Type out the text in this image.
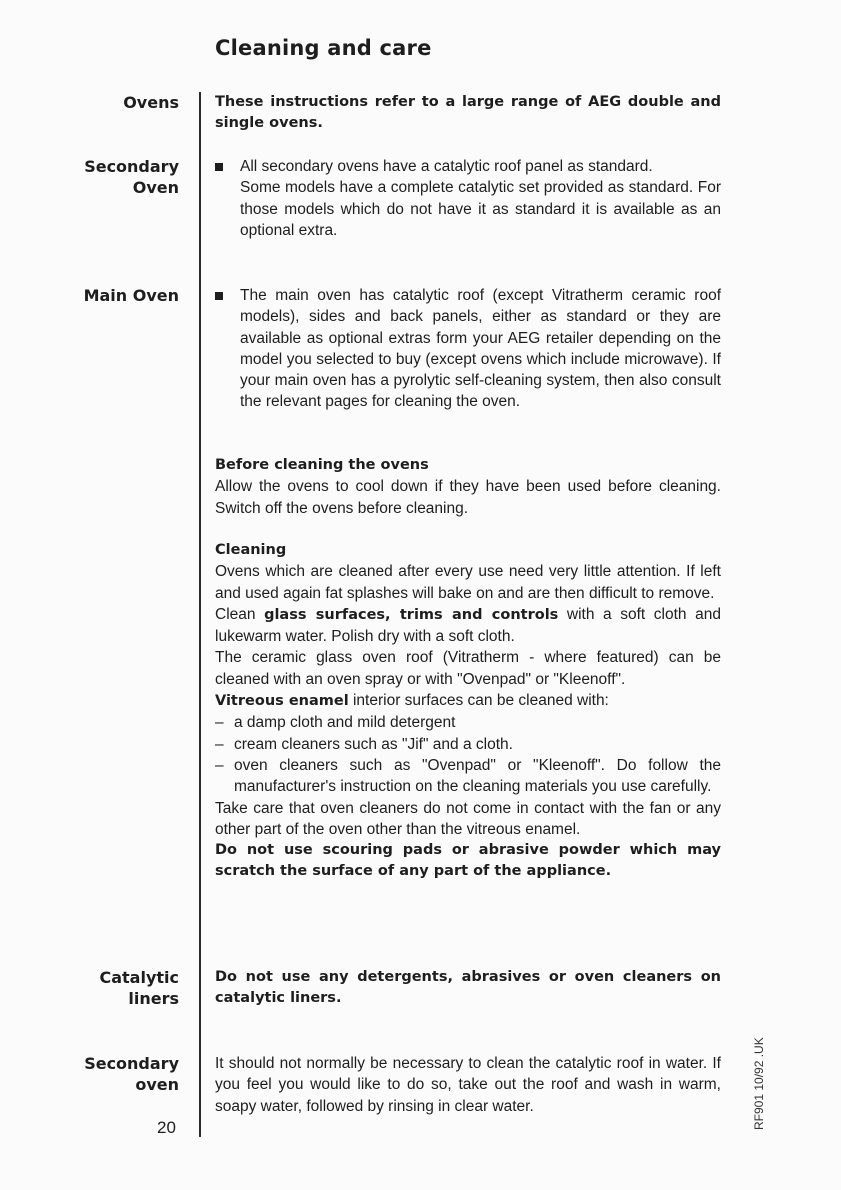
Cleaning and care
Ovens
Secondary
Oven
Main Oven
Catalytic
liners
Secondary
oven
These instructions refer to a large range of AEG double and single ovens.

All secondary ovens have a catalytic roof panel as standard.

Some models have a complete catalytic set provided as standard. For those models which do not have it as standard it is available as an optional extra.

The main oven has catalytic roof (except Vitratherm ceramic roof models), sides and back panels, either as standard or they are available as optional extras form your AEG retailer depending on the model you selected to buy (except ovens which include microwave). If your main oven has a pyrolytic self-cleaning system, then also consult the relevant pages for cleaning the oven.

Before cleaning the ovens

Allow the ovens to cool down if they have been used before cleaning. Switch off the ovens before cleaning.

Cleaning

Ovens which are cleaned after every use need very little attention. If left and used again fat splashes will bake on and are then difficult to remove.

Clean glass surfaces, trims and controls with a soft cloth and lukewarm water. Polish dry with a soft cloth.

The ceramic glass oven roof (Vitratherm - where featured) can be cleaned with an oven spray or with "Ovenpad" or "Kleenoff".

Vitreous enamel interior surfaces can be cleaned with:

– a damp cloth and mild detergent
– cream cleaners such as "Jif" and a cloth.
– oven cleaners such as "Ovenpad" or "Kleenoff". Do follow the manufacturer's instruction on the cleaning materials you use carefully.

Take care that oven cleaners do not come in contact with the fan or any other part of the oven other than the vitreous enamel.

Do not use scouring pads or abrasive powder which may scratch the surface of any part of the appliance.

Do not use any detergents, abrasives or oven cleaners on catalytic liners.
It should not normally be necessary to clean the catalytic roof in water. If you feel you would like to do so, take out the roof and wash in warm, soapy water, followed by rinsing in clear water.
20	RF901 10/92 .UK
